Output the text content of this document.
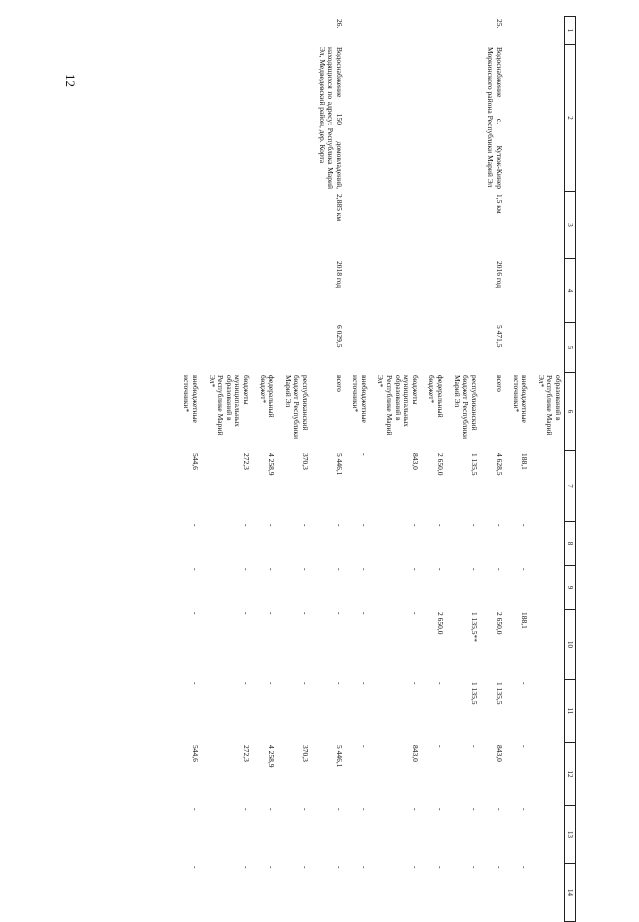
12
1	2	3	4	5	6	7	8	9	10	11	12	13	14
					образований в Республике Марий Эл*								
					внебюджетные источники*	188,1	-	-	188,1	-	-	-	-
25.	Водоснабжение с. Кутюк-Кинер Моркинского района Республики Марий Эл	1,5 км	2016 год	5 471,5	всего	4 628,5	-	-	2 650,0	1 135,5	843,0	-	-
					республиканский бюджет Республики Марий Эл	1 135,5	-	-	1 135,5**	1 135,5	-	-	-
					федеральный бюджет*	2 650,0	-	-	2 650,0	-	-	-	-
					бюджеты муниципальных образований в Республике Марий Эл*	843,0	-	-	-	-	843,0	-	-
					внебюджетные источники*	-	-	-	-	-	-	-	-
26.	Водоснабжение 150 домовладений, находящихся по адресу: Республика Марий Эл, Медведевский район, дер. Корта	2,885 км	2018 год	6 029,5	всего	5 446,1	-	-	-	-	5 446,1	-	-
					республиканский бюджет Республики Марий Эл	370,3	-	-	-	-	370,3	-	-
					федеральный бюджет*	4 258,9	-	-	-	-	4 258,9	-	-
					бюджеты муниципальных образований в Республике Марий Эл*	272,3	-	-	-	-	272,3	-	-
					внебюджетные источники*	544,6	-	-	-	-	544,6	-	-
